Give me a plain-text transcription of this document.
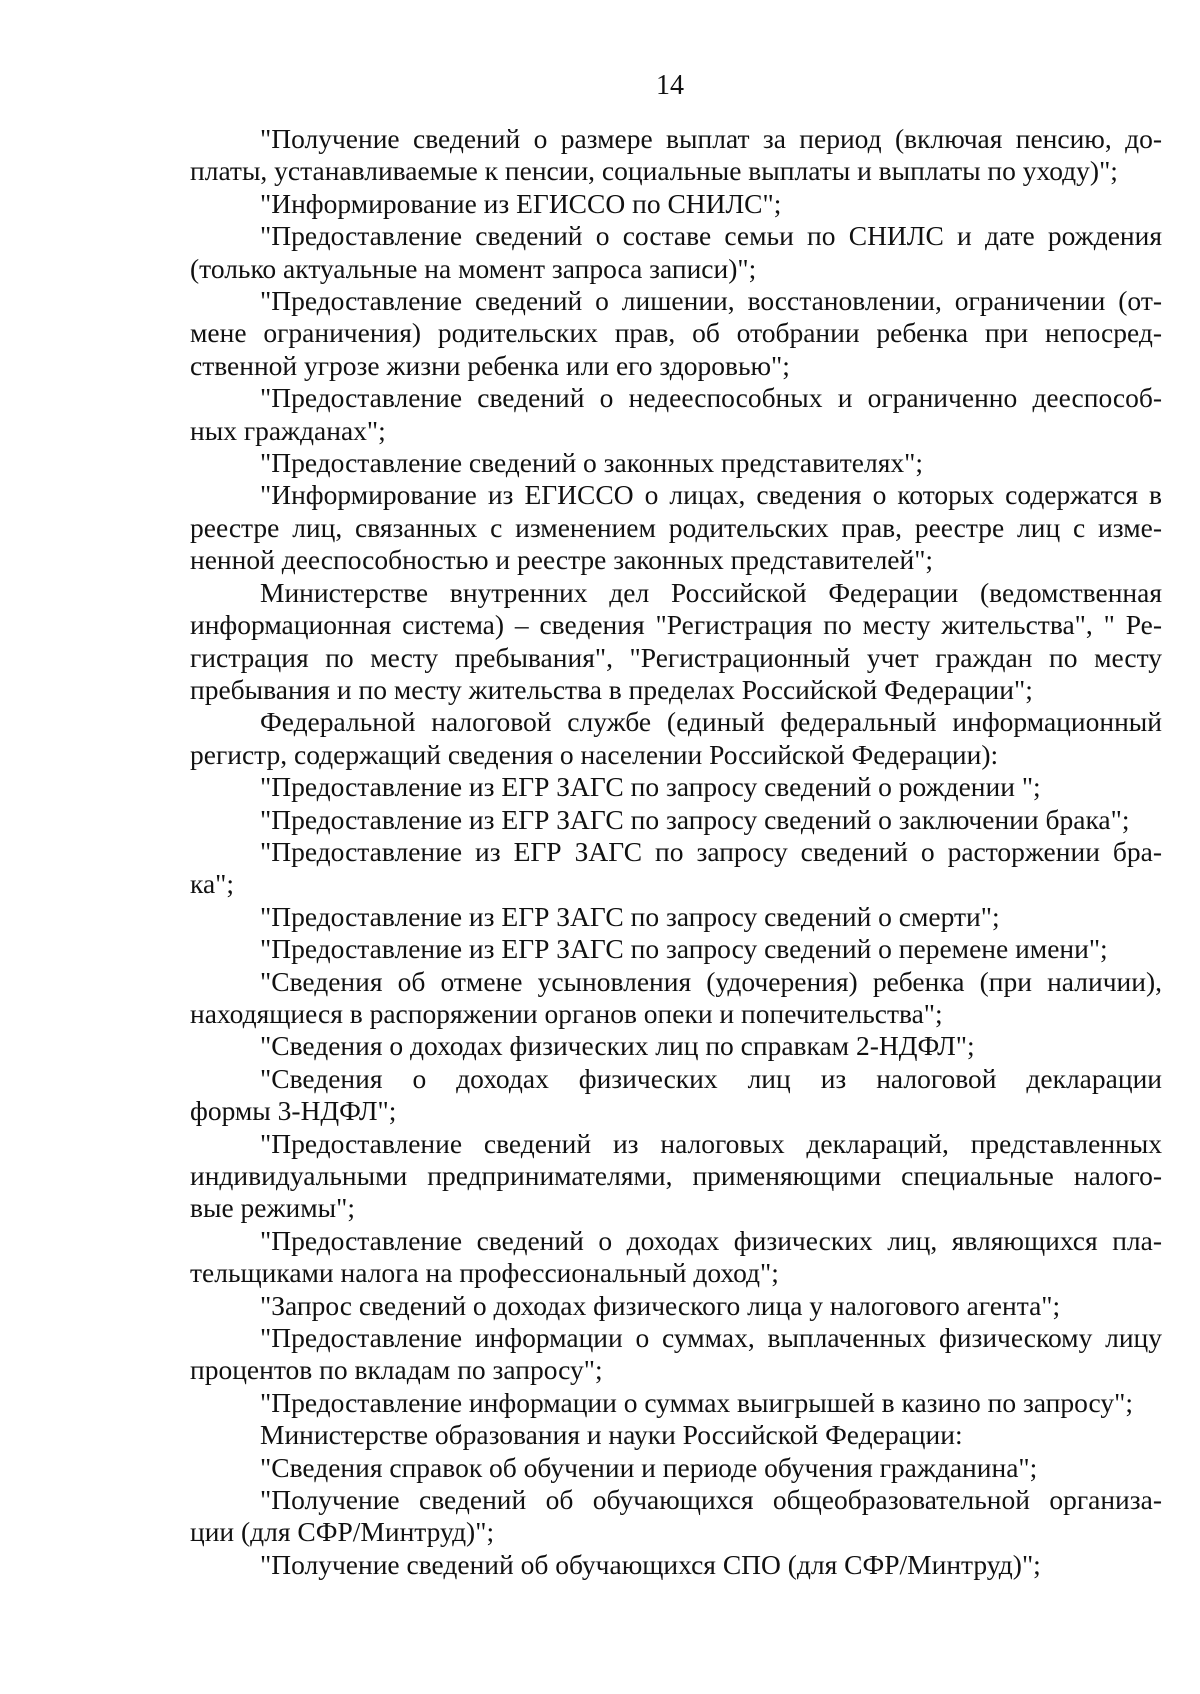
14
"Получение сведений о размере выплат за период (включая пенсию, до-
платы, устанавливаемые к пенсии, социальные выплаты и выплаты по уходу)";
"Информирование из ЕГИССО по СНИЛС";
"Предоставление сведений о составе семьи по СНИЛС и дате рождения
(только актуальные на момент запроса записи)";
"Предоставление сведений о лишении, восстановлении, ограничении (от-
мене ограничения) родительских прав, об отобрании ребенка при непосред-
ственной угрозе жизни ребенка или его здоровью";
"Предоставление сведений о недееспособных и ограниченно дееспособ-
ных гражданах";
"Предоставление сведений о законных представителях";
"Информирование из ЕГИССО о лицах, сведения о которых содержатся в
реестре лиц, связанных с изменением родительских прав, реестре лиц с изме-
ненной дееспособностью и реестре законных представителей";
Министерстве внутренних дел Российской Федерации (ведомственная
информационная система) – сведения "Регистрация по месту жительства", " Ре-
гистрация по месту пребывания", "Регистрационный учет граждан по месту
пребывания и по месту жительства в пределах Российской Федерации";
Федеральной налоговой службе (единый федеральный информационный
регистр, содержащий сведения о населении Российской Федерации):
"Предоставление из ЕГР ЗАГС по запросу сведений о рождении ";
"Предоставление из ЕГР ЗАГС по запросу сведений о заключении брака";
"Предоставление из ЕГР ЗАГС по запросу сведений о расторжении бра-
ка";
"Предоставление из ЕГР ЗАГС по запросу сведений о смерти";
"Предоставление из ЕГР ЗАГС по запросу сведений о перемене имени";
"Сведения об отмене усыновления (удочерения) ребенка (при наличии),
находящиеся в распоряжении органов опеки и попечительства";
"Сведения о доходах физических лиц по справкам 2-НДФЛ";
"Сведения о доходах физических лиц из налоговой декларации
формы 3-НДФЛ";
"Предоставление сведений из налоговых деклараций, представленных
индивидуальными предпринимателями, применяющими специальные налого-
вые режимы";
"Предоставление сведений о доходах физических лиц, являющихся пла-
тельщиками налога на профессиональный доход";
"Запрос сведений о доходах физического лица у налогового агента";
"Предоставление информации о суммах, выплаченных физическому лицу
процентов по вкладам по запросу";
"Предоставление информации о суммах выигрышей в казино по запросу";
Министерстве образования и науки Российской Федерации:
"Сведения справок об обучении и периоде обучения гражданина";
"Получение сведений об обучающихся общеобразовательной организа-
ции (для СФР/Минтруд)";
"Получение сведений об обучающихся СПО (для СФР/Минтруд)";
